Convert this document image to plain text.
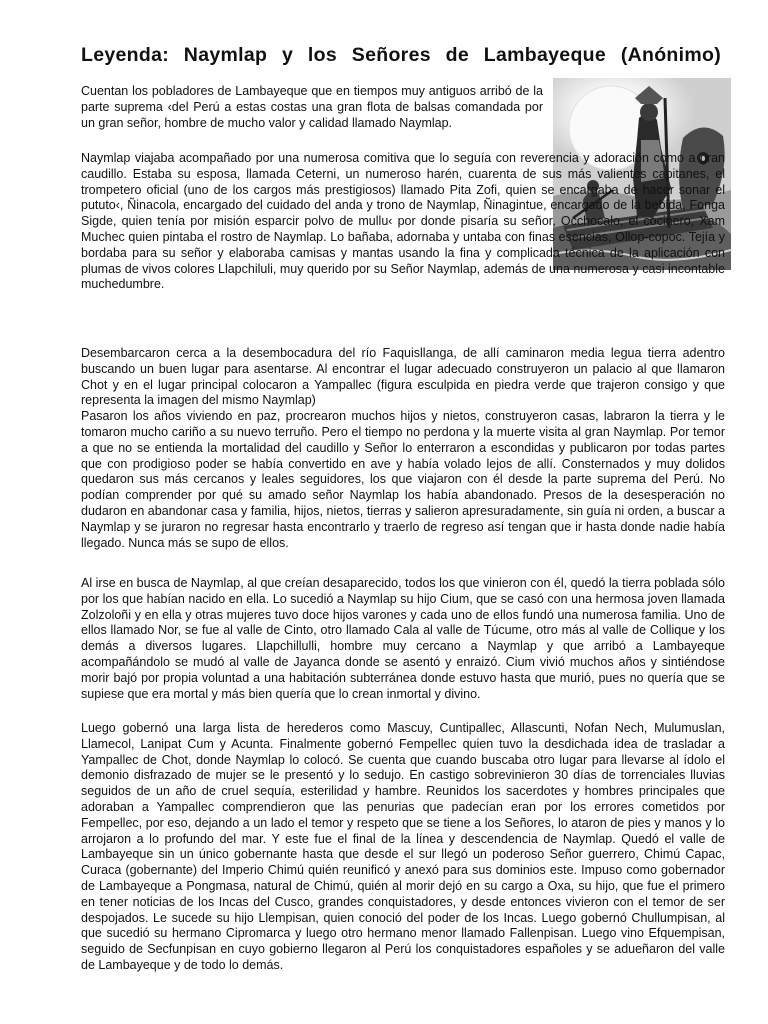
Leyenda: Naymlap y los Señores de Lambayeque (Anónimo)
Cuentan los pobladores de Lambayeque que en tiempos muy antiguos arribó de la parte suprema ‹del Perú a estas costas una gran flota de balsas comandada por un gran señor, hombre de mucho valor y calidad llamado Naymlap.
Naymlap viajaba acompañado por una numerosa comitiva que lo seguía con reverencia y adoración como a gran caudillo. Estaba su esposa, llamada Ceterni, un numeroso harén, cuarenta de sus más valientes capitanes, el trompetero oficial (uno de los cargos más prestigiosos) llamado Pita Zofi, quien se encargaba de hacer sonar el pututo‹, Ñinacola, encargado del cuidado del anda y trono de Naymlap, Ñinagintue, encargado de la bebida, Fonga Sigde, quien tenía por misión esparcir polvo de mullu‹ por donde pisaría su señor, Occhocalo, el cocinero, Xam Muchec quien pintaba el rostro de Naymlap. Lo bañaba, adornaba y untaba con finas esencias, Ollop-copoc. Tejía y bordaba para su señor y elaboraba camisas y mantas usando la fina y complicada técnica de la aplicación con plumas de vivos colores Llapchiluli, muy querido por su Señor Naymlap, además de una numerosa y casi incontable muchedumbre.
Desembarcaron cerca a la desembocadura del río Faquisllanga, de allí caminaron media legua tierra adentro buscando un buen lugar para asentarse. Al encontrar el lugar adecuado construyeron un palacio al que llamaron Chot y en el lugar principal colocaron a Yampallec (figura esculpida en piedra verde que trajeron consigo y que representa la imagen del mismo Naymlap)
Pasaron los años viviendo en paz, procrearon muchos hijos y nietos, construyeron casas, labraron la tierra y le tomaron mucho cariño a su nuevo terruño. Pero el tiempo no perdona y la muerte visita al gran Naymlap. Por temor a que no se entienda la mortalidad del caudillo y Señor lo enterraron a escondidas y publicaron por todas partes que con prodigioso poder se había convertido en ave y había volado lejos de allí. Consternados y muy dolidos quedaron sus más cercanos y leales seguidores, los que viajaron con él desde la parte suprema del Perú. No podían comprender por qué su amado señor Naymlap los había abandonado. Presos de la desesperación no dudaron en abandonar casa y familia, hijos, nietos, tierras y salieron apresuradamente, sin guía ni orden, a buscar a Naymlap y se juraron no regresar hasta encontrarlo y traerlo de regreso así tengan que ir hasta donde nadie había llegado. Nunca más se supo de ellos.
Al irse en busca de Naymlap, al que creían desaparecido, todos los que vinieron con él, quedó la tierra poblada sólo por los que habían nacido en ella. Lo sucedió a Naymlap su hijo Cium, que se casó con una hermosa joven llamada Zolzoloñi y en ella y otras mujeres tuvo doce hijos varones y cada uno de ellos fundó una numerosa familia. Uno de ellos llamado Nor, se fue al valle de Cinto, otro llamado Cala al valle de Túcume, otro más al valle de Collique y los demás a diversos lugares. Llapchillulli, hombre muy cercano a Naymlap y que arribó a Lambayeque acompañándolo se mudó al valle de Jayanca donde se asentó y enraizó. Cium vivió muchos años y sintiéndose morir bajó por propia voluntad a una habitación subterránea donde estuvo hasta que murió, pues no quería que se supiese que era mortal y más bien quería que lo crean inmortal y divino.
Luego gobernó una larga lista de herederos como Mascuy, Cuntipallec, Allascunti, Nofan Nech, Mulumuslan, Llamecol, Lanipat Cum y Acunta. Finalmente gobernó Fempellec quien tuvo la desdichada idea de trasladar a Yampallec de Chot, donde Naymlap lo colocó. Se cuenta que cuando buscaba otro lugar para llevarse al ídolo el demonio disfrazado de mujer se le presentó y lo sedujo. En castigo sobrevinieron 30 días de torrenciales lluvias seguidos de un año de cruel sequía, esterilidad y hambre. Reunidos los sacerdotes y hombres principales que adoraban a Yampallec comprendieron que las penurias que padecían eran por los errores cometidos por Fempellec, por eso, dejando a un lado el temor y respeto que se tiene a los Señores, lo ataron de pies y manos y lo arrojaron a lo profundo del mar. Y este fue el final de la línea y descendencia de Naymlap. Quedó el valle de Lambayeque sin un único gobernante hasta que desde el sur llegó un poderoso Señor guerrero, Chimú Capac, Curaca (gobernante) del Imperio Chimú quién reunificó y anexó para sus dominios este. Impuso como gobernador de Lambayeque a Pongmasa, natural de Chimú, quién al morir dejó en su cargo a Oxa, su hijo, que fue el primero en tener noticias de los Incas del Cusco, grandes conquistadores, y desde entonces vivieron con el temor de ser despojados. Le sucede su hijo Llempisan, quien conoció del poder de los Incas. Luego gobernó Chullumpisan, al que sucedió su hermano Cipromarca y luego otro hermano menor llamado Fallenpisan. Luego vino Efquempisan, seguido de Secfunpisan en cuyo gobierno llegaron al Perú los conquistadores españoles y se adueñaron del valle de Lambayeque y de todo lo demás.
